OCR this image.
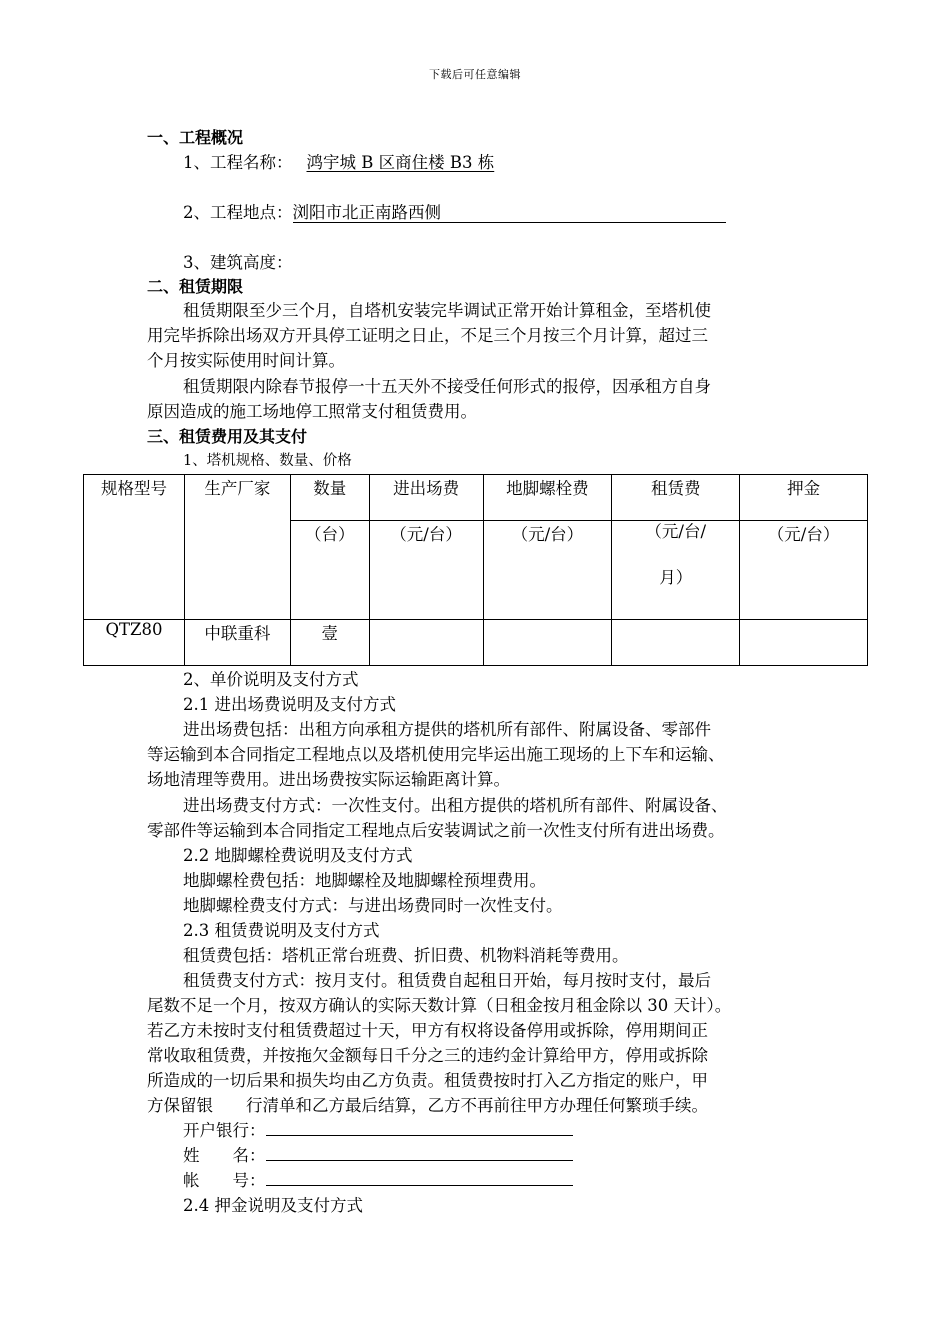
下载后可任意编辑
一、工程概况
1、工程名称： 鸿宇城 B 区商住楼 B3 栋
2、工程地点：浏阳市北正南路西侧
3、建筑高度：
二、租赁期限
租赁期限至少三个月，自塔机安装完毕调试正常开始计算租金，至塔机使
用完毕拆除出场双方开具停工证明之日止，不足三个月按三个月计算，超过三
个月按实际使用时间计算。
租赁期限内除春节报停一十五天外不接受任何形式的报停，因承租方自身
原因造成的施工场地停工照常支付租赁费用。
三、租赁费用及其支付
1、塔机规格、数量、价格
规格型号	生产厂家	数量	进出场费	地脚螺栓费	租赁费	押金
		（台）	（元/台）	（元/台）	（元/台/
月）	（元/台）
QTZ80	中联重科	壹				
2、单价说明及支付方式
2.1 进出场费说明及支付方式
进出场费包括：出租方向承租方提供的塔机所有部件、附属设备、零部件
等运输到本合同指定工程地点以及塔机使用完毕运出施工现场的上下车和运输、
场地清理等费用。进出场费按实际运输距离计算。
进出场费支付方式：一次性支付。出租方提供的塔机所有部件、附属设备、
零部件等运输到本合同指定工程地点后安装调试之前一次性支付所有进出场费。
2.2 地脚螺栓费说明及支付方式
地脚螺栓费包括：地脚螺栓及地脚螺栓预埋费用。
地脚螺栓费支付方式：与进出场费同时一次性支付。
2.3 租赁费说明及支付方式
租赁费包括：塔机正常台班费、折旧费、机物料消耗等费用。
租赁费支付方式：按月支付。租赁费自起租日开始，每月按时支付，最后
尾数不足一个月，按双方确认的实际天数计算（日租金按月租金除以 30 天计）。
若乙方未按时支付租赁费超过十天，甲方有权将设备停用或拆除，停用期间正
常收取租赁费，并按拖欠金额每日千分之三的违约金计算给甲方，停用或拆除
所造成的一切后果和损失均由乙方负责。租赁费按时打入乙方指定的账户，甲
方保留银　　行清单和乙方最后结算，乙方不再前往甲方办理任何繁琐手续。
开户银行：
姓　　名：
帐　　号：
2.4 押金说明及支付方式
